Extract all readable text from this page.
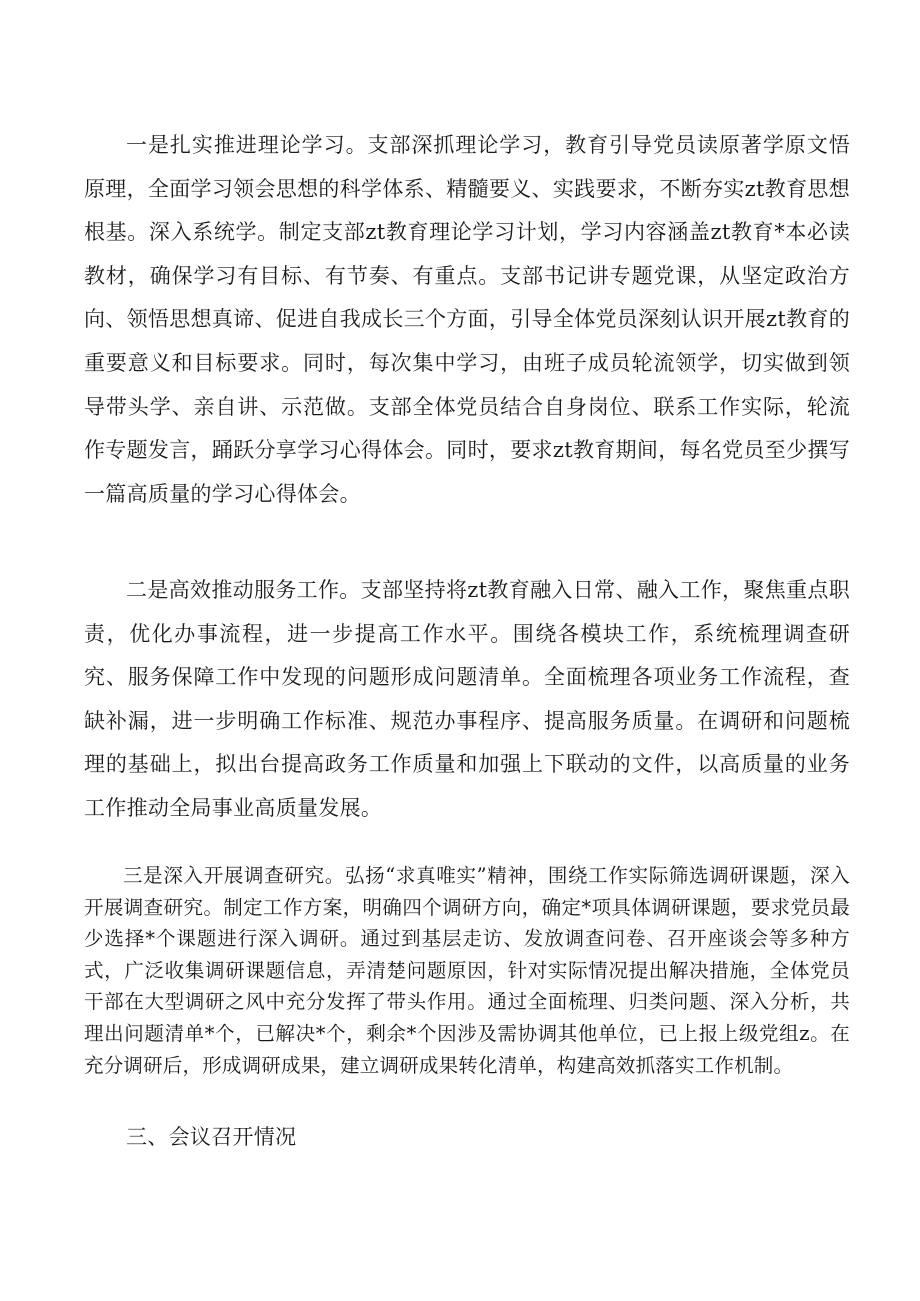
一是扎实推进理论学习。支部深抓理论学习，教育引导党员读原著学原文悟原理，全面学习领会思想的科学体系、精髓要义、实践要求，不断夯实zt教育思想根基。深入系统学。制定支部zt教育理论学习计划，学习内容涵盖zt教育*本必读教材，确保学习有目标、有节奏、有重点。支部书记讲专题党课，从坚定政治方向、领悟思想真谛、促进自我成长三个方面，引导全体党员深刻认识开展zt教育的重要意义和目标要求。同时，每次集中学习，由班子成员轮流领学，切实做到领导带头学、亲自讲、示范做。支部全体党员结合自身岗位、联系工作实际，轮流作专题发言，踊跃分享学习心得体会。同时，要求zt教育期间，每名党员至少撰写一篇高质量的学习心得体会。

二是高效推动服务工作。支部坚持将zt教育融入日常、融入工作，聚焦重点职责，优化办事流程，进一步提高工作水平。围绕各模块工作，系统梳理调查研究、服务保障工作中发现的问题形成问题清单。全面梳理各项业务工作流程，查缺补漏，进一步明确工作标准、规范办事程序、提高服务质量。在调研和问题梳理的基础上，拟出台提高政务工作质量和加强上下联动的文件，以高质量的业务工作推动全局事业高质量发展。

三是深入开展调查研究。弘扬“求真唯实”精神，围绕工作实际筛选调研课题，深入开展调查研究。制定工作方案，明确四个调研方向，确定*项具体调研课题，要求党员最少选择*个课题进行深入调研。通过到基层走访、发放调查问卷、召开座谈会等多种方式，广泛收集调研课题信息，弄清楚问题原因，针对实际情况提出解决措施，全体党员干部在大型调研之风中充分发挥了带头作用。通过全面梳理、归类问题、深入分析，共理出问题清单*个，已解决*个，剩余*个因涉及需协调其他单位，已上报上级党组z。在充分调研后，形成调研成果，建立调研成果转化清单，构建高效抓落实工作机制。

三、会议召开情况
